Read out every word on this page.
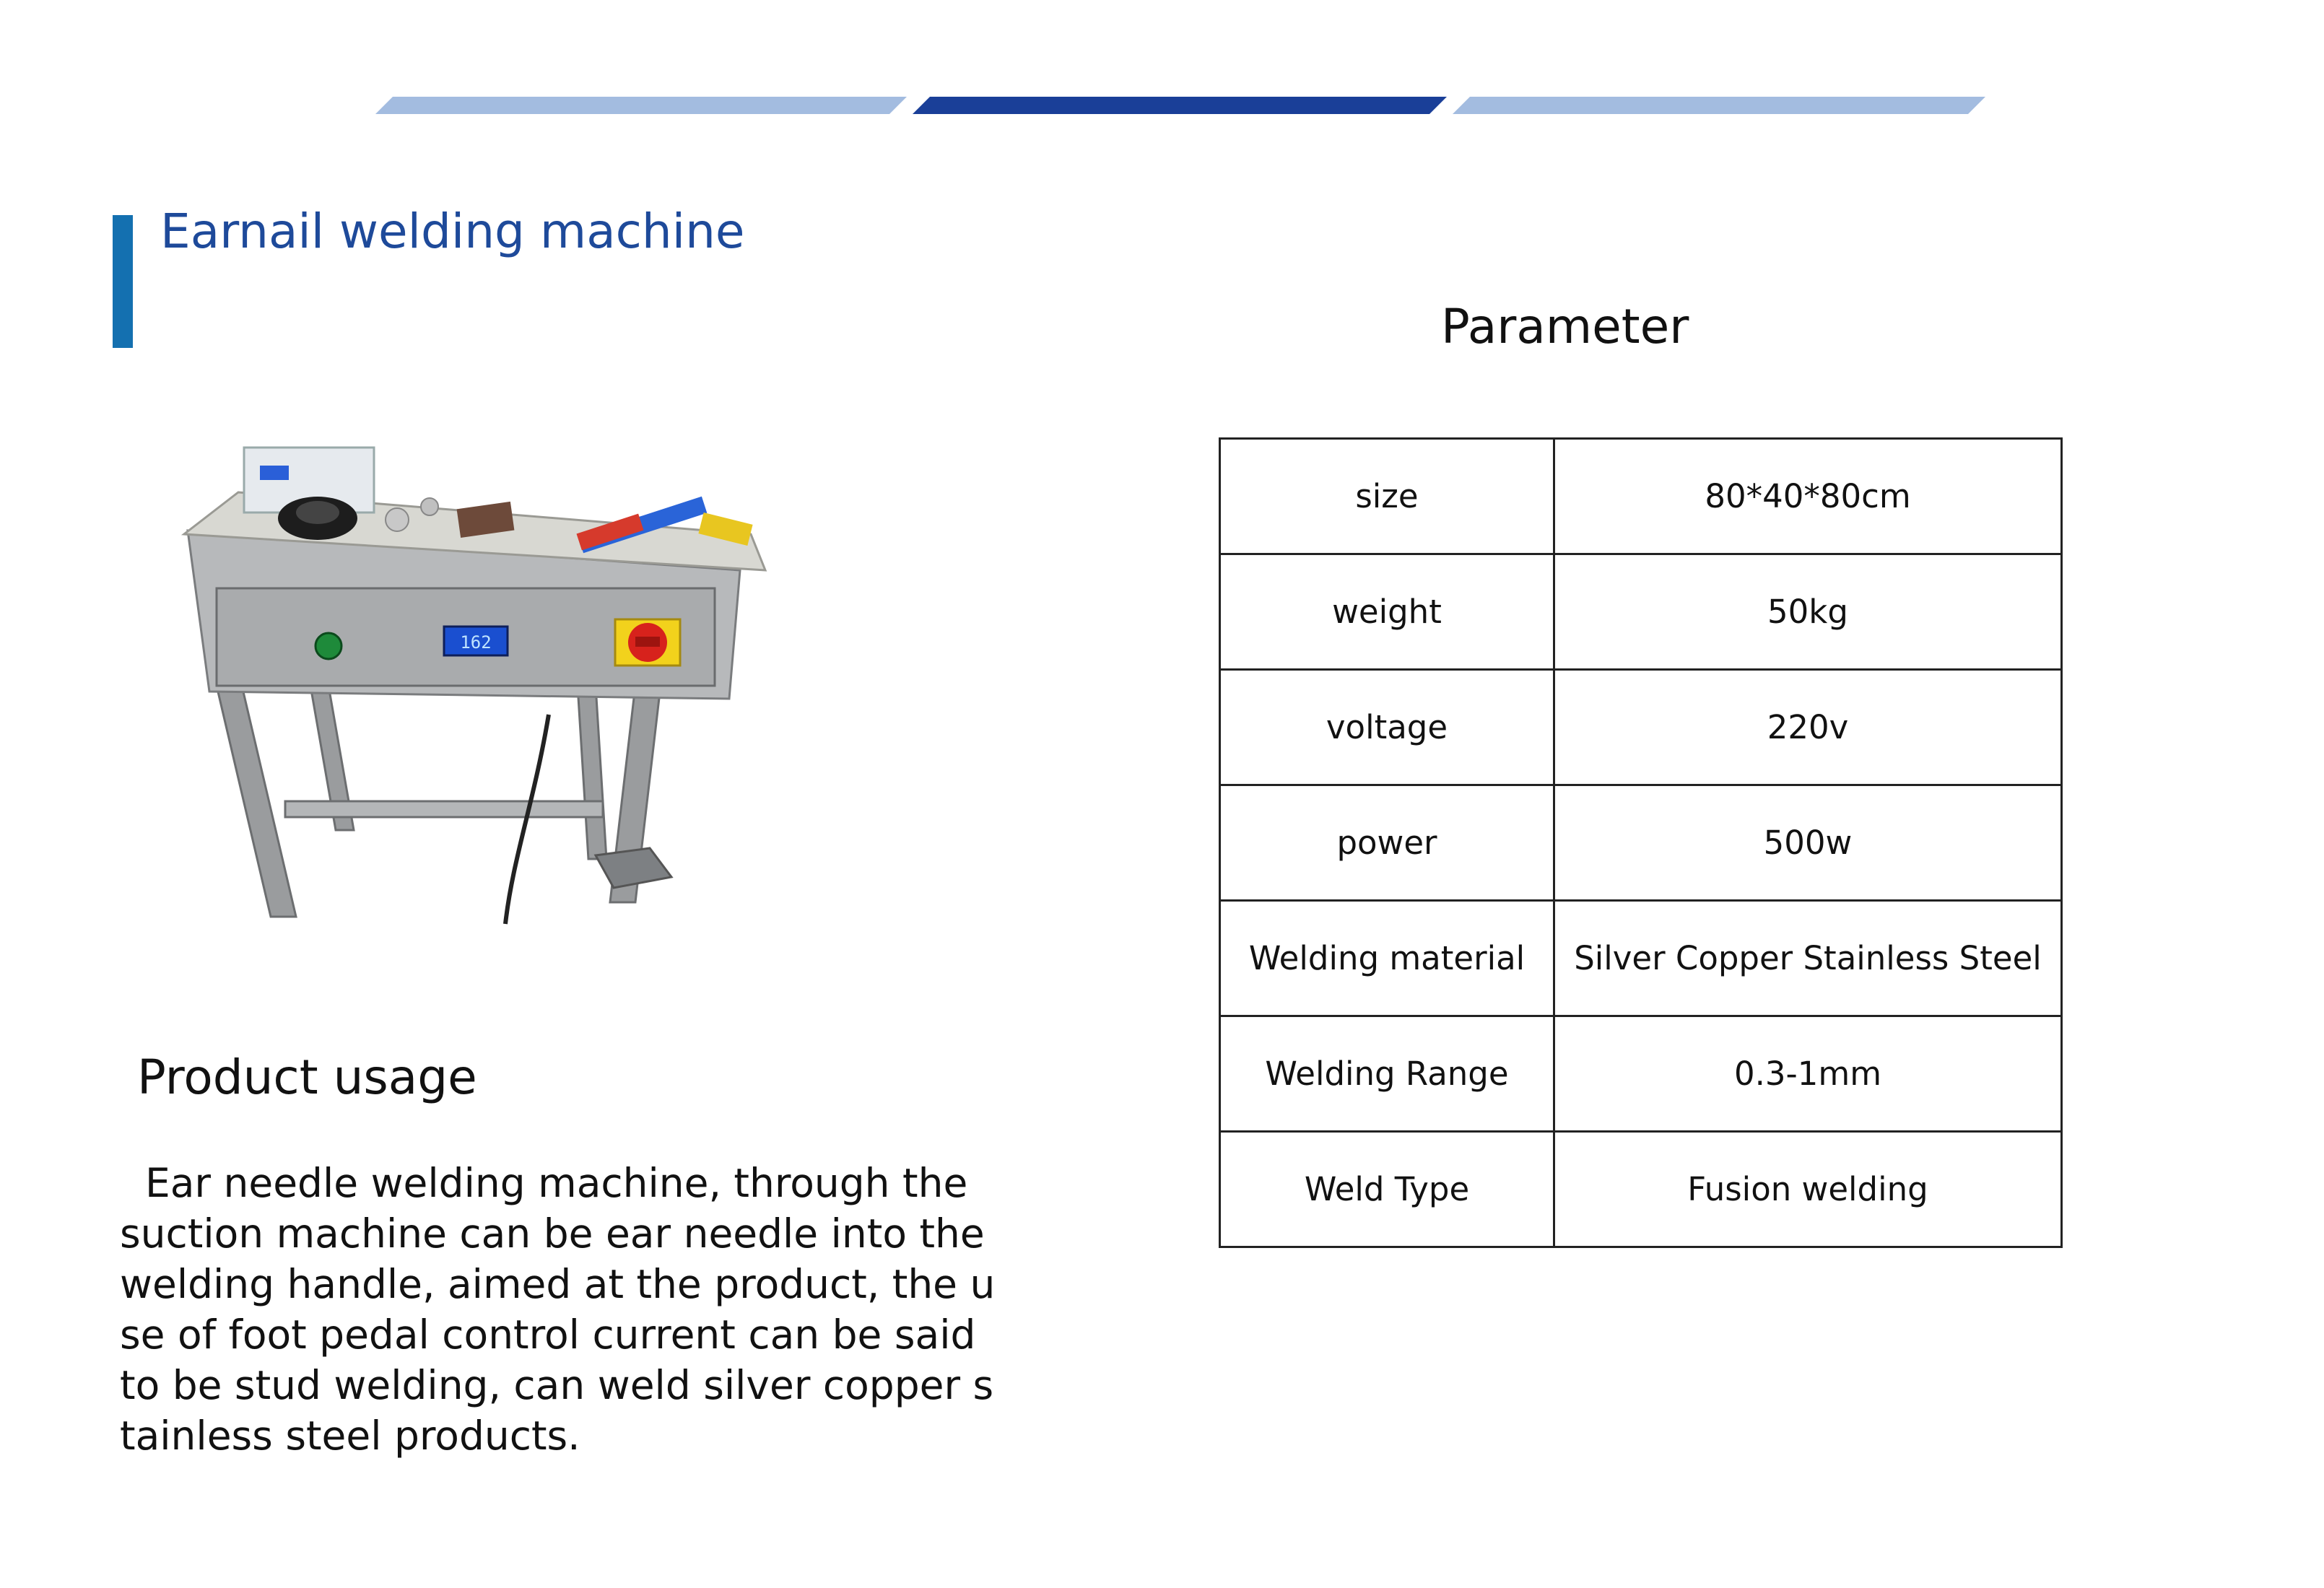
Earnail welding machine
Parameter
162
Product usage
Ear needle welding machine, through the
suction machine can be ear needle into the
welding handle, aimed at the product, the u
se of foot pedal control current can be said
to be stud welding, can weld silver copper s
tainless steel products.
size	80*40*80cm
weight	50kg
voltage	220v
power	500w
Welding material	Silver Copper Stainless Steel
Welding Range	0.3-1mm
Weld Type	Fusion welding
